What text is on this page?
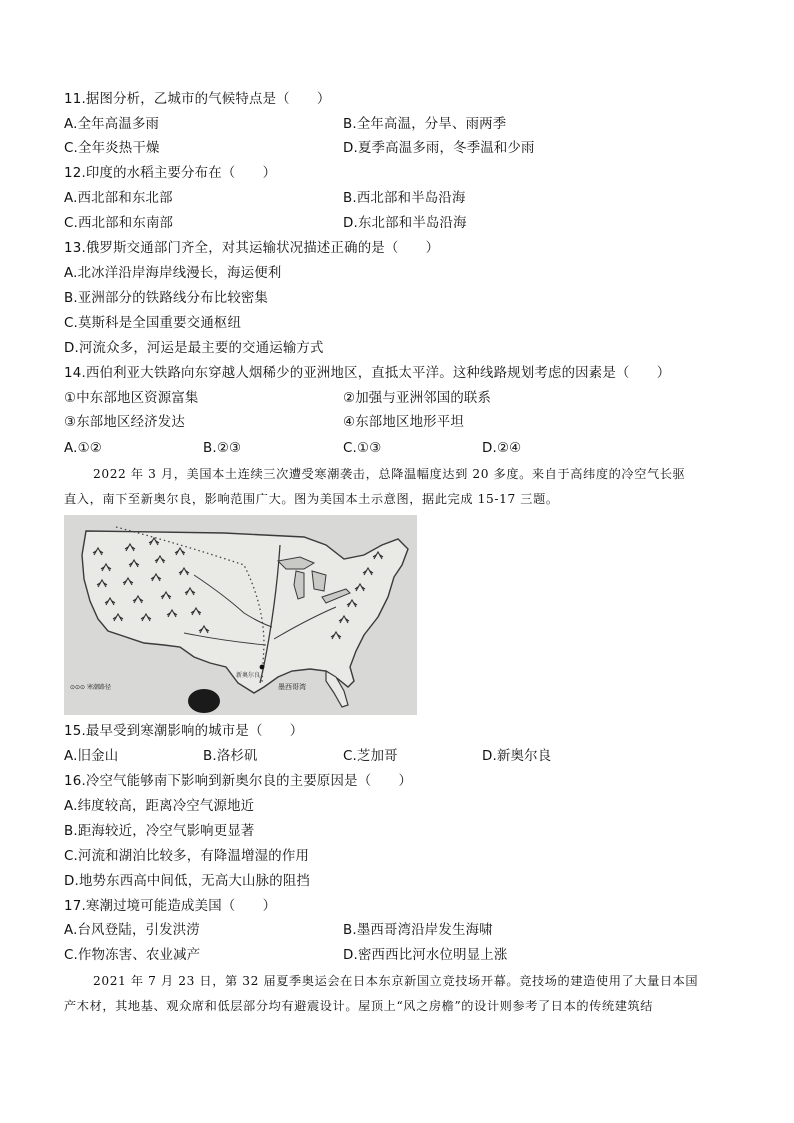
11.据图分析，乙城市的气候特点是（　　）
A.全年高温多雨	B.全年高温，分旱、雨两季
C.全年炎热干燥	D.夏季高温多雨，冬季温和少雨
12.印度的水稻主要分布在（　　）
A.西北部和东北部	B.西北部和半岛沿海
C.西北部和东南部	D.东北部和半岛沿海
13.俄罗斯交通部门齐全，对其运输状况描述正确的是（　　）
A.北冰洋沿岸海岸线漫长，海运便利
B.亚洲部分的铁路线分布比较密集
C.莫斯科是全国重要交通枢纽
D.河流众多，河运是最主要的交通运输方式
14.西伯利亚大铁路向东穿越人烟稀少的亚洲地区，直抵太平洋。这种线路规划考虑的因素是（　　）
①中东部地区资源富集	②加强与亚洲邻国的联系
③东部地区经济发达	④东部地区地形平坦
A.①②	B.②③	C.①③	D.②④
2022 年 3 月，美国本土连续三次遭受寒潮袭击，总降温幅度达到 20 多度。来自于高纬度的冷空气长驱
直入，南下至新奥尔良，影响范围广大。图为美国本土示意图，据此完成 15-17 三题。
新奥尔良
墨西哥湾
⊙⊙⊙ 寒潮路径
15.最早受到寒潮影响的城市是（　　）
A.旧金山	B.洛杉矶	C.芝加哥	D.新奥尔良
16.冷空气能够南下影响到新奥尔良的主要原因是（　　）
A.纬度较高，距离冷空气源地近
B.距海较近，冷空气影响更显著
C.河流和湖泊比较多，有降温增湿的作用
D.地势东西高中间低，无高大山脉的阻挡
17.寒潮过境可能造成美国（　　）
A.台风登陆，引发洪涝	B.墨西哥湾沿岸发生海啸
C.作物冻害、农业减产	D.密西西比河水位明显上涨
2021 年 7 月 23 日，第 32 届夏季奥运会在日本东京新国立竞技场开幕。竞技场的建造使用了大量日本国
产木材，其地基、观众席和低层部分均有避震设计。屋顶上“风之房檐”的设计则参考了日本的传统建筑结
